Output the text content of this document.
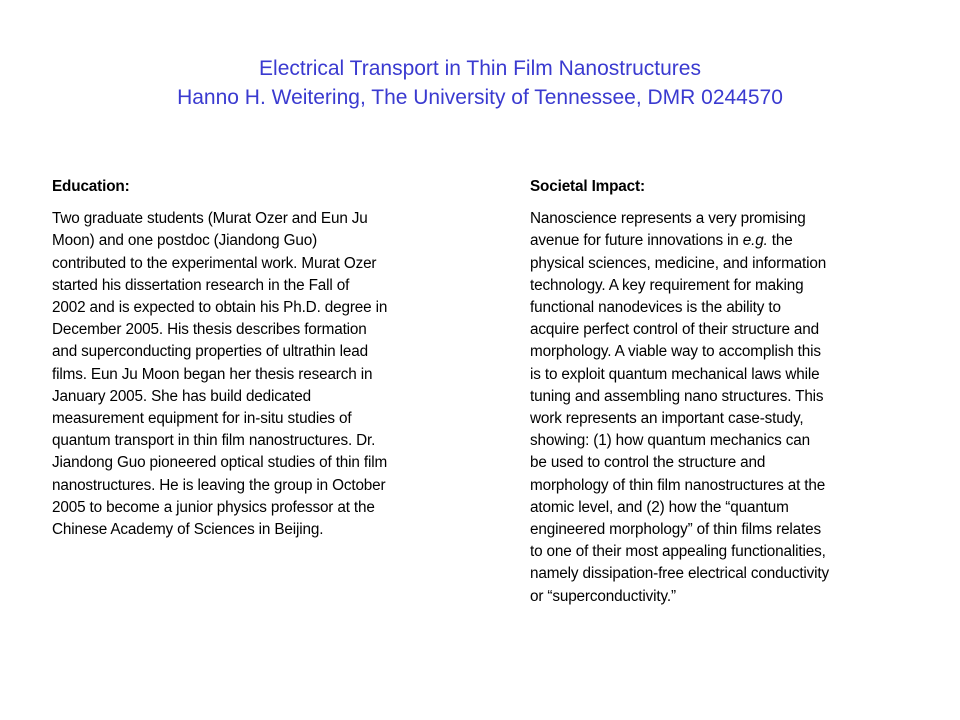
Electrical Transport in Thin Film Nanostructures
Hanno H. Weitering, The University of Tennessee, DMR 0244570
Education:
Two graduate students (Murat Ozer and Eun Ju
Moon) and one postdoc (Jiandong Guo)
contributed to the experimental work. Murat Ozer
started his dissertation research in the Fall of
2002 and is expected to obtain his Ph.D. degree in
December 2005. His thesis describes formation
and superconducting properties of ultrathin lead
films. Eun Ju Moon began her thesis research in
January 2005. She has build dedicated
measurement equipment for in-situ studies of
quantum transport in thin film nanostructures. Dr.
Jiandong Guo pioneered optical studies of thin film
nanostructures. He is leaving the group in October
2005 to become a junior physics professor at the
Chinese Academy of Sciences in Beijing.
Societal Impact:
Nanoscience represents a very promising
avenue for future innovations in e.g. the
physical sciences, medicine, and information
technology. A key requirement for making
functional nanodevices is the ability to
acquire perfect control of their structure and
morphology. A viable way to accomplish this
is to exploit quantum mechanical laws while
tuning and assembling nano structures. This
work represents an important case-study,
showing: (1) how quantum mechanics can
be used to control the structure and
morphology of thin film nanostructures at the
atomic level, and (2) how the “quantum
engineered morphology” of thin films relates
to one of their most appealing functionalities,
namely dissipation-free electrical conductivity
or “superconductivity.”
